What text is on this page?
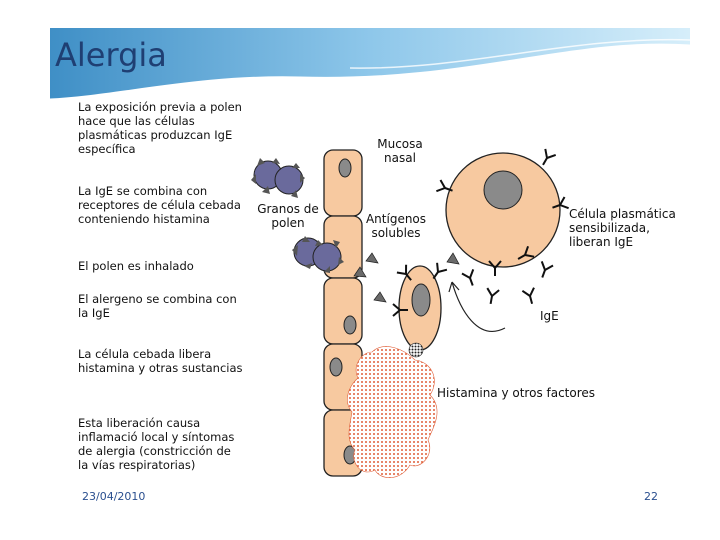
Alergia
La exposición previa a polen hace que las células plasmáticas produzcan IgE específica
La IgE se combina con receptores de célula cebada conteniendo histamina
El polen es inhalado
El alergeno se combina con la IgE
La célula cebada libera histamina y otras sustancias
Esta liberación causa inflamació local y síntomas de alergia (constricción de la vías respiratorias)
Mucosa nasal
Granos de polen	Antígenos solubles
Célula plasmática sensibilizada, liberan IgE
IgE
Histamina y otros factores
23/04/2010	22
